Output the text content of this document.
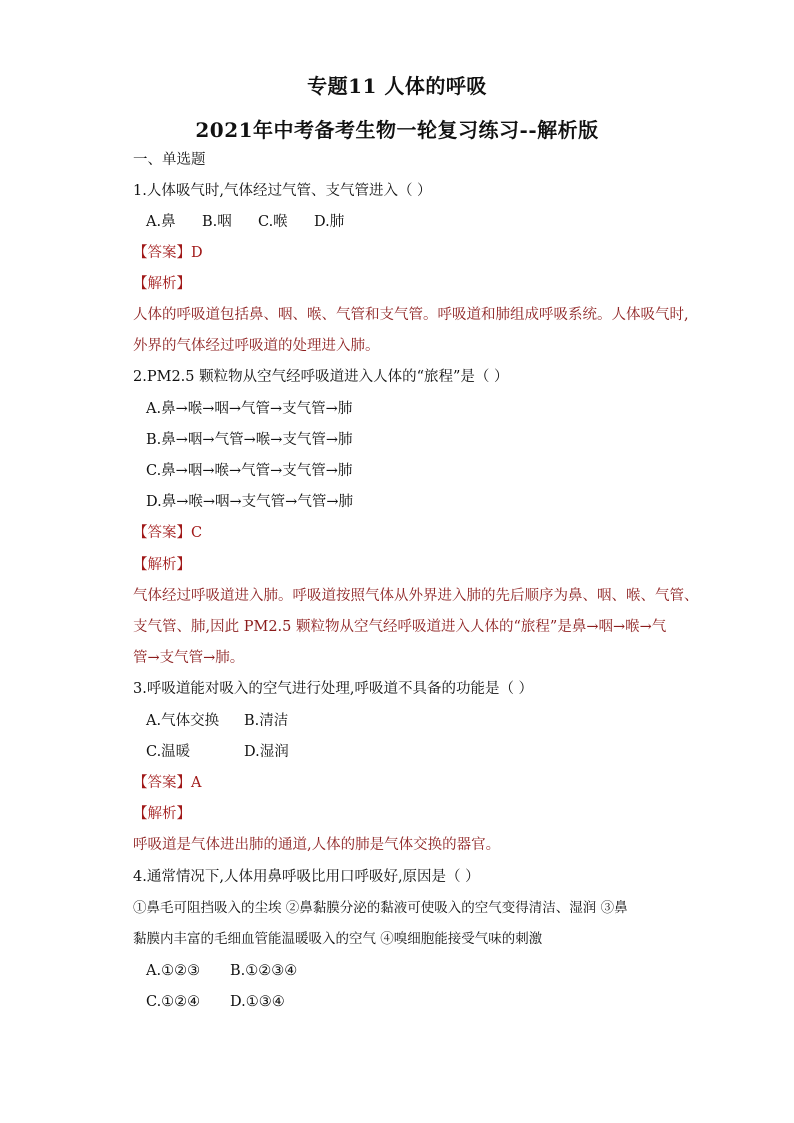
专题11 人体的呼吸
2021年中考备考生物一轮复习练习--解析版
一、单选题
1.人体吸气时,气体经过气管、支气管进入（ ）
A.鼻 B.咽 C.喉 D.肺
【答案】D
【解析】
人体的呼吸道包括鼻、咽、喉、气管和支气管。呼吸道和肺组成呼吸系统。人体吸气时,
外界的气体经过呼吸道的处理进入肺。
2.PM2.5 颗粒物从空气经呼吸道进入人体的“旅程”是（ ）
A.鼻→喉→咽→气管→支气管→肺
B.鼻→咽→气管→喉→支气管→肺
C.鼻→咽→喉→气管→支气管→肺
D.鼻→喉→咽→支气管→气管→肺
【答案】C
【解析】
气体经过呼吸道进入肺。呼吸道按照气体从外界进入肺的先后顺序为鼻、咽、喉、气管、
支气管、肺,因此 PM2.5 颗粒物从空气经呼吸道进入人体的“旅程”是鼻→咽→喉→气
管→支气管→肺。
3.呼吸道能对吸入的空气进行处理,呼吸道不具备的功能是（ ）
A.气体交换 B.清洁
C.温暖	D.湿润
【答案】A
【解析】
呼吸道是气体进出肺的通道,人体的肺是气体交换的器官。
4.通常情况下,人体用鼻呼吸比用口呼吸好,原因是（ ）
①鼻毛可阻挡吸入的尘埃 ②鼻黏膜分泌的黏液可使吸入的空气变得清洁、湿润 ③鼻
黏膜内丰富的毛细血管能温暖吸入的空气 ④嗅细胞能接受气味的刺激
A.①②③ B.①②③④
C.①②④ D.①③④
